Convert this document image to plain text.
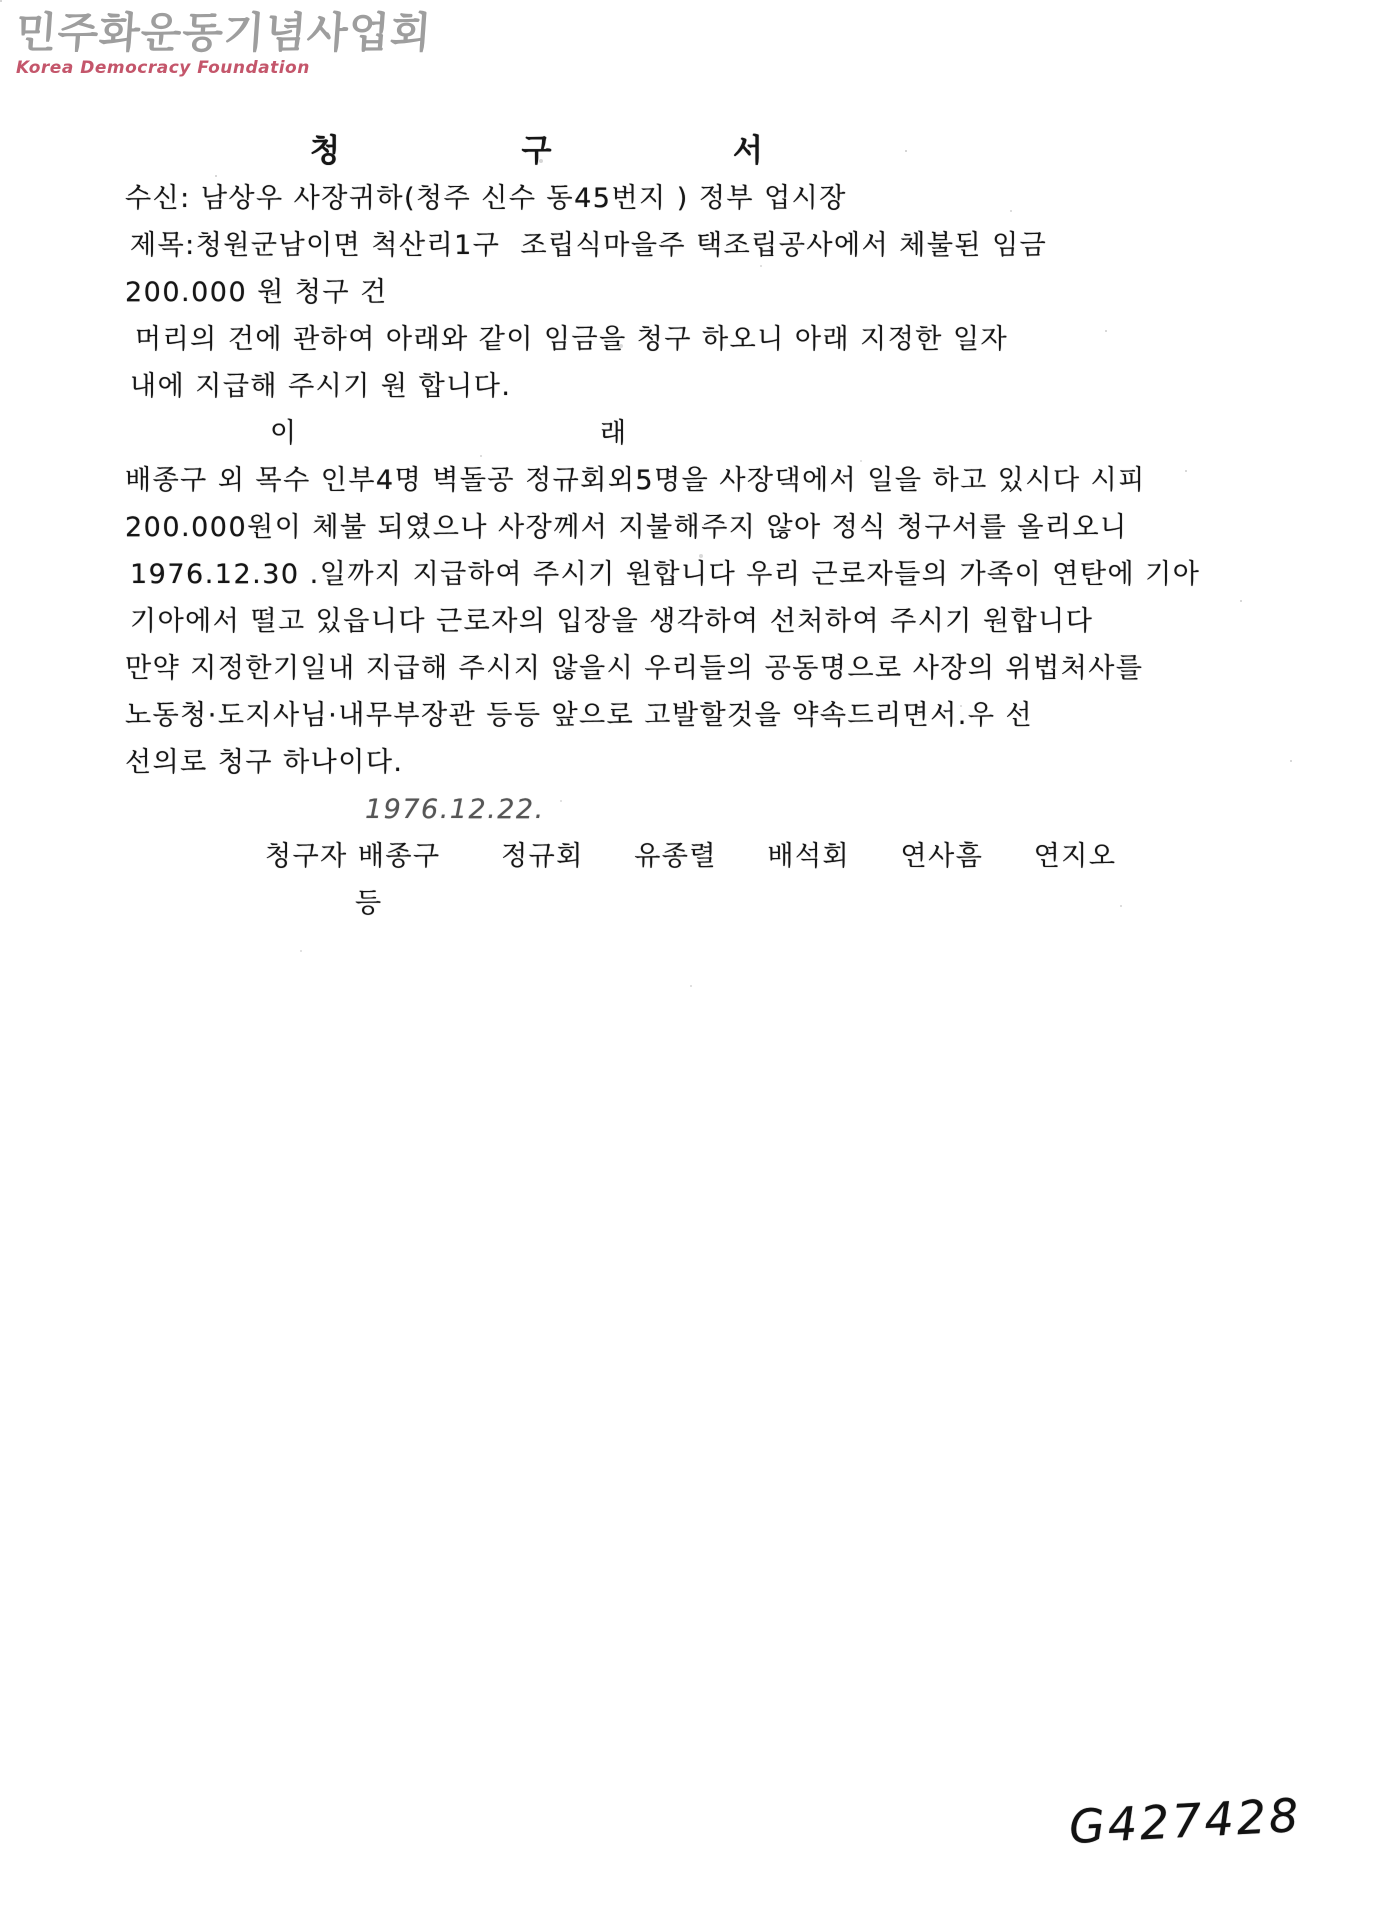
민주화운동기념사업회
Korea Democracy Foundation
청            구            서
수신: 남상우 사장귀하(청주 신수 동45번지 ) 정부 업시장
제목:청원군남이면 척산리1구  조립식마을주 택조립공사에서 체불된 임금
200.000 원 청구 건
머리의 건에 관하여 아래와 같이 임금을 청구 하오니 아래 지정한 일자
내에 지급해 주시기 원 합니다.
이                              래
배종구 외 목수 인부4명 벽돌공 정규회외5명을 사장댁에서 일을 하고 있시다 시피
200.000원이 체불 되였으나 사장께서 지불해주지 않아 정식 청구서를 올리오니
1976.12.30 .일까지 지급하여 주시기 원합니다 우리 근로자들의 가족이 연탄에 기아
기아에서 떨고 있읍니다 근로자의 입장을 생각하여 선처하여 주시기 원합니다
만약 지정한기일내 지급해 주시지 않을시 우리들의 공동명으로 사장의 위법처사를
노동청·도지사님·내무부장관 등등 앞으로 고발할것을 약속드리면서.우 선
선의로 청구 하나이다.
1976.12.22.
청구자 배종구      정규회     유종렬     배석회     연사흠     연지오
등
G427428
